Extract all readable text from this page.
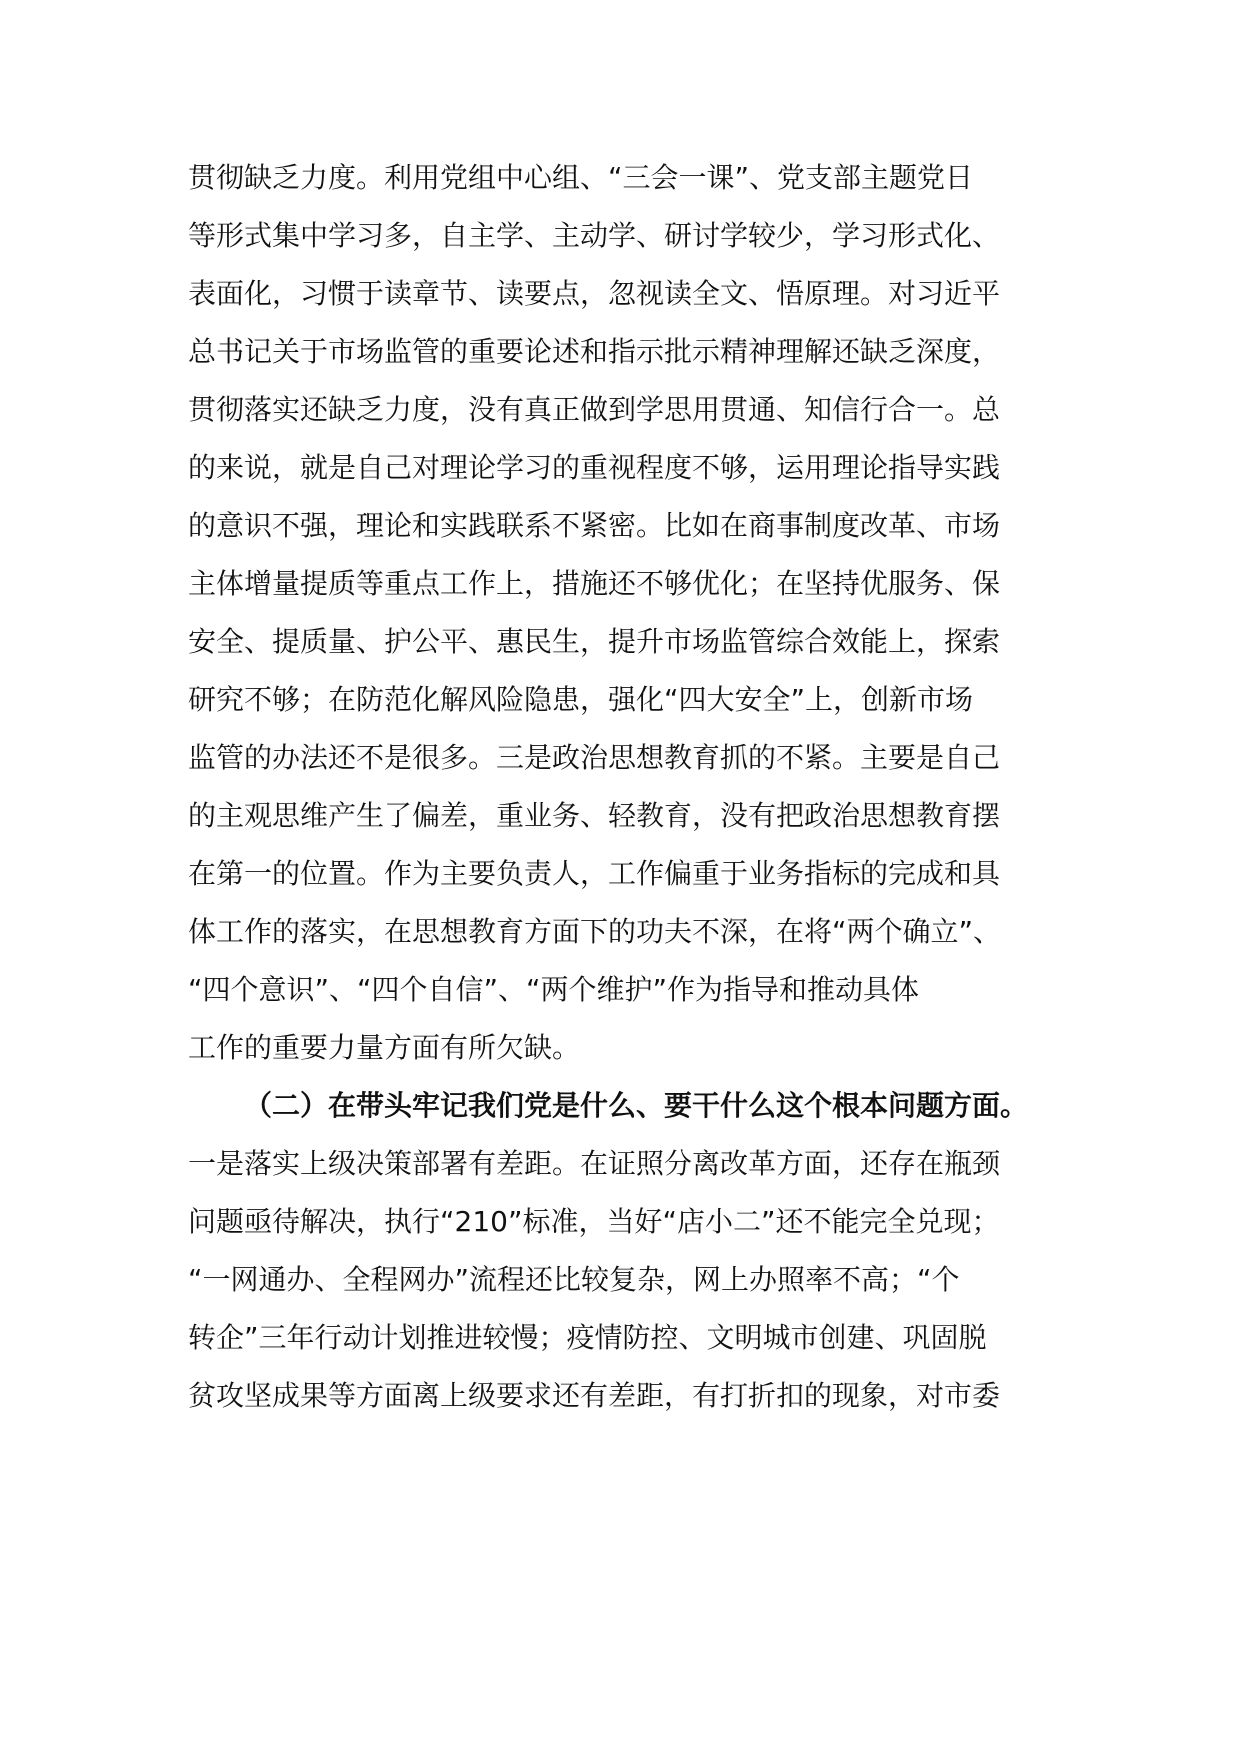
贯彻缺乏力度。利用党组中心组、“三会一课”、党支部主题党日
等形式集中学习多，自主学、主动学、研讨学较少，学习形式化、
表面化，习惯于读章节、读要点，忽视读全文、悟原理。对习近平
总书记关于市场监管的重要论述和指示批示精神理解还缺乏深度，
贯彻落实还缺乏力度，没有真正做到学思用贯通、知信行合一。总
的来说，就是自己对理论学习的重视程度不够，运用理论指导实践
的意识不强，理论和实践联系不紧密。比如在商事制度改革、市场
主体增量提质等重点工作上，措施还不够优化；在坚持优服务、保
安全、提质量、护公平、惠民生，提升市场监管综合效能上，探索
研究不够；在防范化解风险隐患，强化“四大安全”上，创新市场
监管的办法还不是很多。三是政治思想教育抓的不紧。主要是自己
的主观思维产生了偏差，重业务、轻教育，没有把政治思想教育摆
在第一的位置。作为主要负责人，工作偏重于业务指标的完成和具
体工作的落实，在思想教育方面下的功夫不深，在将“两个确立”、
“四个意识”、“四个自信”、“两个维护”作为指导和推动具体
工作的重要力量方面有所欠缺。
（二）在带头牢记我们党是什么、要干什么这个根本问题方面。
一是落实上级决策部署有差距。在证照分离改革方面，还存在瓶颈
问题亟待解决，执行“210”标准，当好“店小二”还不能完全兑现；
“一网通办、全程网办”流程还比较复杂，网上办照率不高；“个
转企”三年行动计划推进较慢；疫情防控、文明城市创建、巩固脱
贫攻坚成果等方面离上级要求还有差距，有打折扣的现象，对市委
